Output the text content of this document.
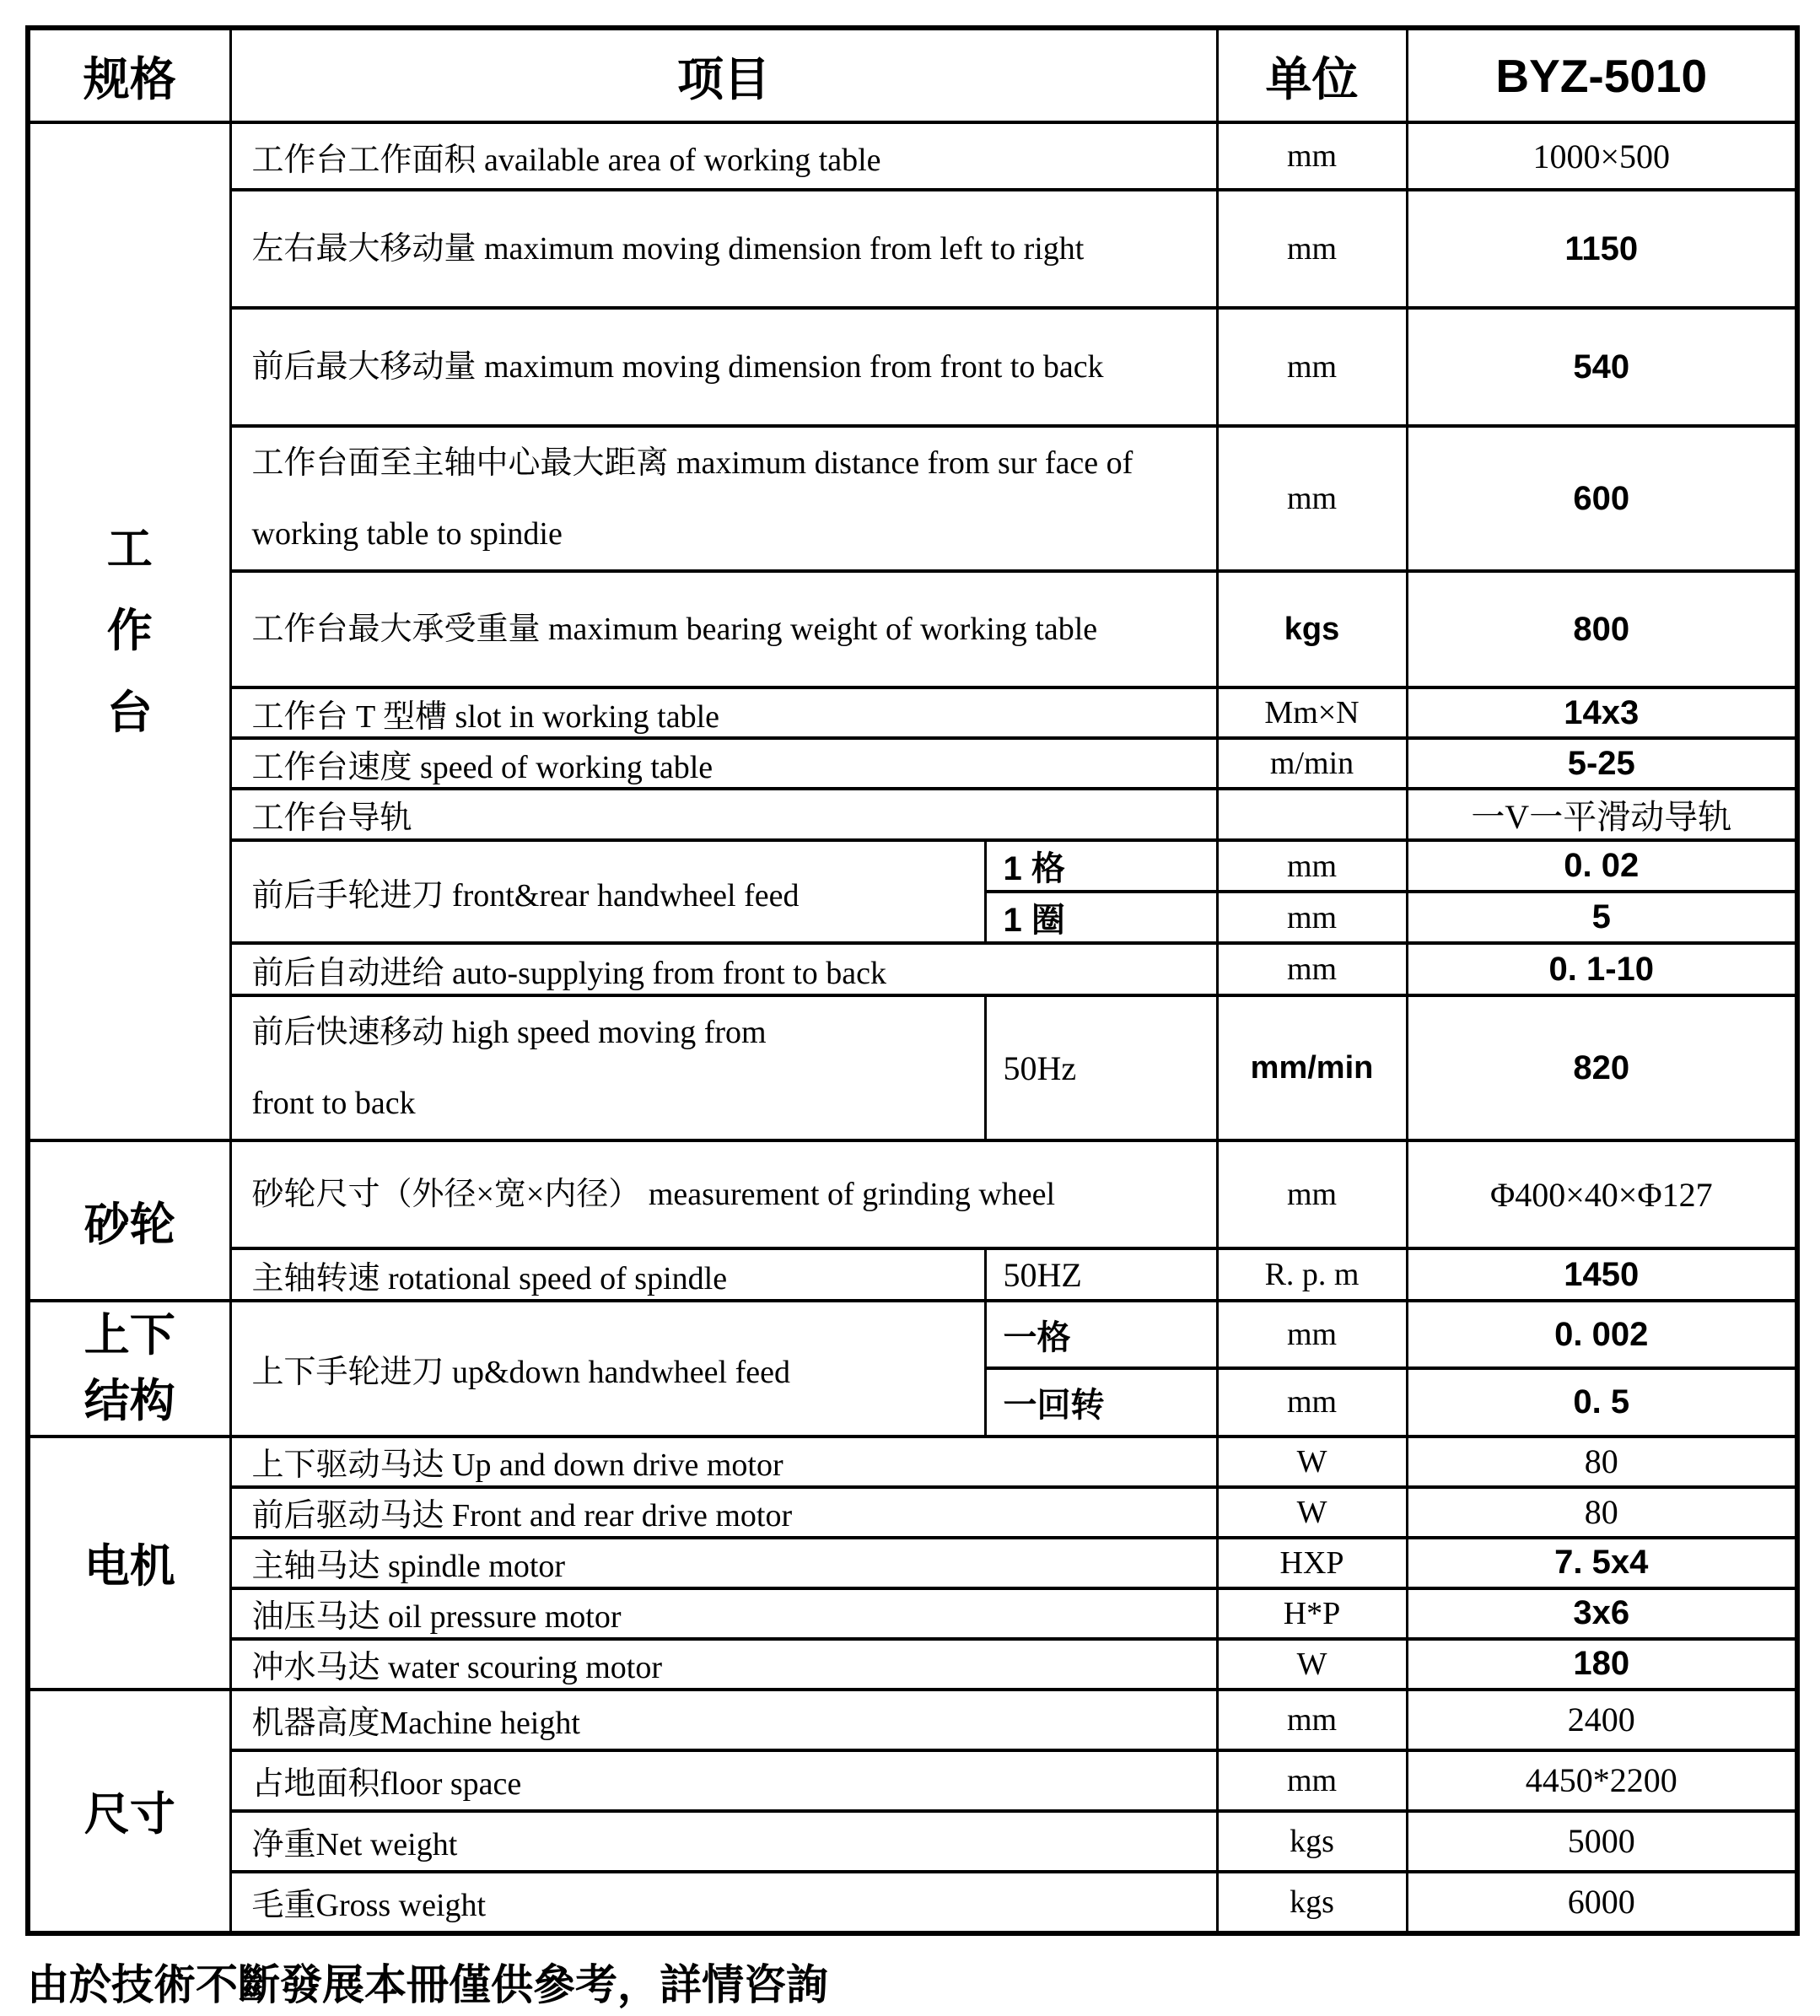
规格	项目		单位	BYZ-5010
工作台	工作台工作面积 available area of working table		mm	1000×500
	左右最大移动量 maximum moving dimension from left to right		mm	1150
	前后最大移动量 maximum moving dimension from front to back		mm	540
	工作台面至主轴中心最大距离 maximum distance from sur face of working table to spindie		mm	600
	工作台最大承受重量 maximum bearing weight of working table		kgs	800
	工作台 T 型槽 slot in working table		Mm×N	14x3
	工作台速度 speed of working table		m/min	5-25
	工作台导轨			一V一平滑动导轨
	前后手轮进刀 front&rear handwheel feed	1 格	mm	0. 02
		1 圈	mm	5
	前后自动进给 auto-supplying from front to back		mm	0. 1-10
	前后快速移动 high speed moving from front to back	50Hz	mm/min	820
砂轮	砂轮尺寸（外径×宽×内径） measurement of grinding wheel		mm	Φ400×40×Φ127
	主轴转速 rotational speed of spindle	50HZ	R. p. m	1450
上下结构	上下手轮进刀 up&down handwheel feed	一格	mm	0. 002
		一回转	mm	0. 5
电机	上下驱动马达 Up and down drive motor		W	80
	前后驱动马达 Front and rear drive motor		W	80
	主轴马达 spindle motor		HXP	7. 5x4
	油压马达 oil pressure motor		H*P	3x6
	冲水马达 water scouring motor		W	180
尺寸	机器高度Machine height		mm	2400
	占地面积floor space		mm	4450*2200
	净重Net weight		kgs	5000
	毛重Gross weight		kgs	6000
由於技術不斷發展本冊僅供參考，詳情咨詢
